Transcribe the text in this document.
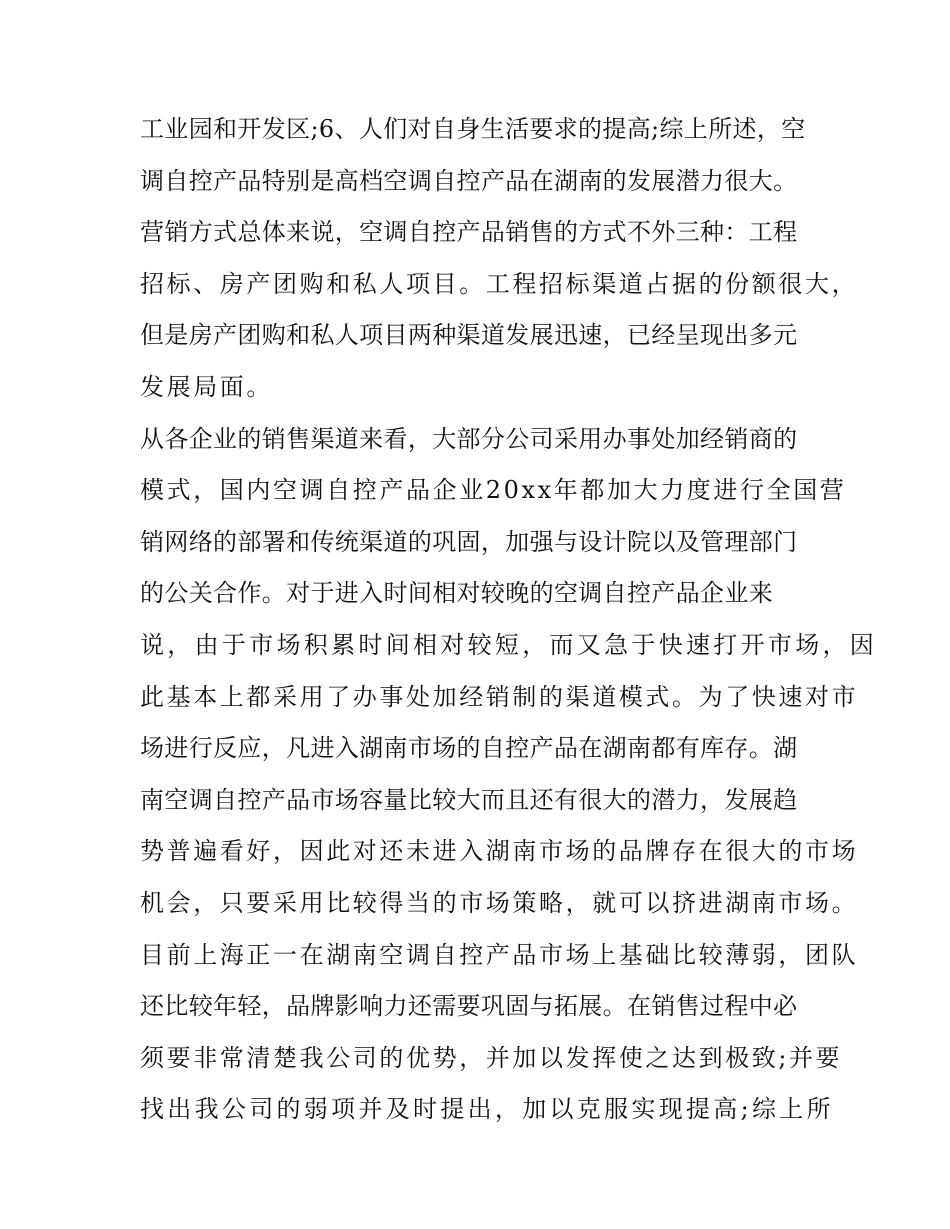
工业园和开发区;6、人们对自身生活要求的提高;综上所述，空
调自控产品特别是高档空调自控产品在湖南的发展潜力很大。
营销方式总体来说，空调自控产品销售的方式不外三种：工程
招标、房产团购和私人项目。工程招标渠道占据的份额很大，
但是房产团购和私人项目两种渠道发展迅速，已经呈现出多元
发展局面。
从各企业的销售渠道来看，大部分公司采用办事处加经销商的
模式，国内空调自控产品企业20xx年都加大力度进行全国营
销网络的部署和传统渠道的巩固，加强与设计院以及管理部门
的公关合作。对于进入时间相对较晚的空调自控产品企业来
说，由于市场积累时间相对较短，而又急于快速打开市场，因
此基本上都采用了办事处加经销制的渠道模式。为了快速对市
场进行反应，凡进入湖南市场的自控产品在湖南都有库存。湖
南空调自控产品市场容量比较大而且还有很大的潜力，发展趋
势普遍看好，因此对还未进入湖南市场的品牌存在很大的市场
机会，只要采用比较得当的市场策略，就可以挤进湖南市场。
目前上海正一在湖南空调自控产品市场上基础比较薄弱，团队
还比较年轻，品牌影响力还需要巩固与拓展。在销售过程中必
须要非常清楚我公司的优势，并加以发挥使之达到极致;并要
找出我公司的弱项并及时提出，加以克服实现提高;综上所
